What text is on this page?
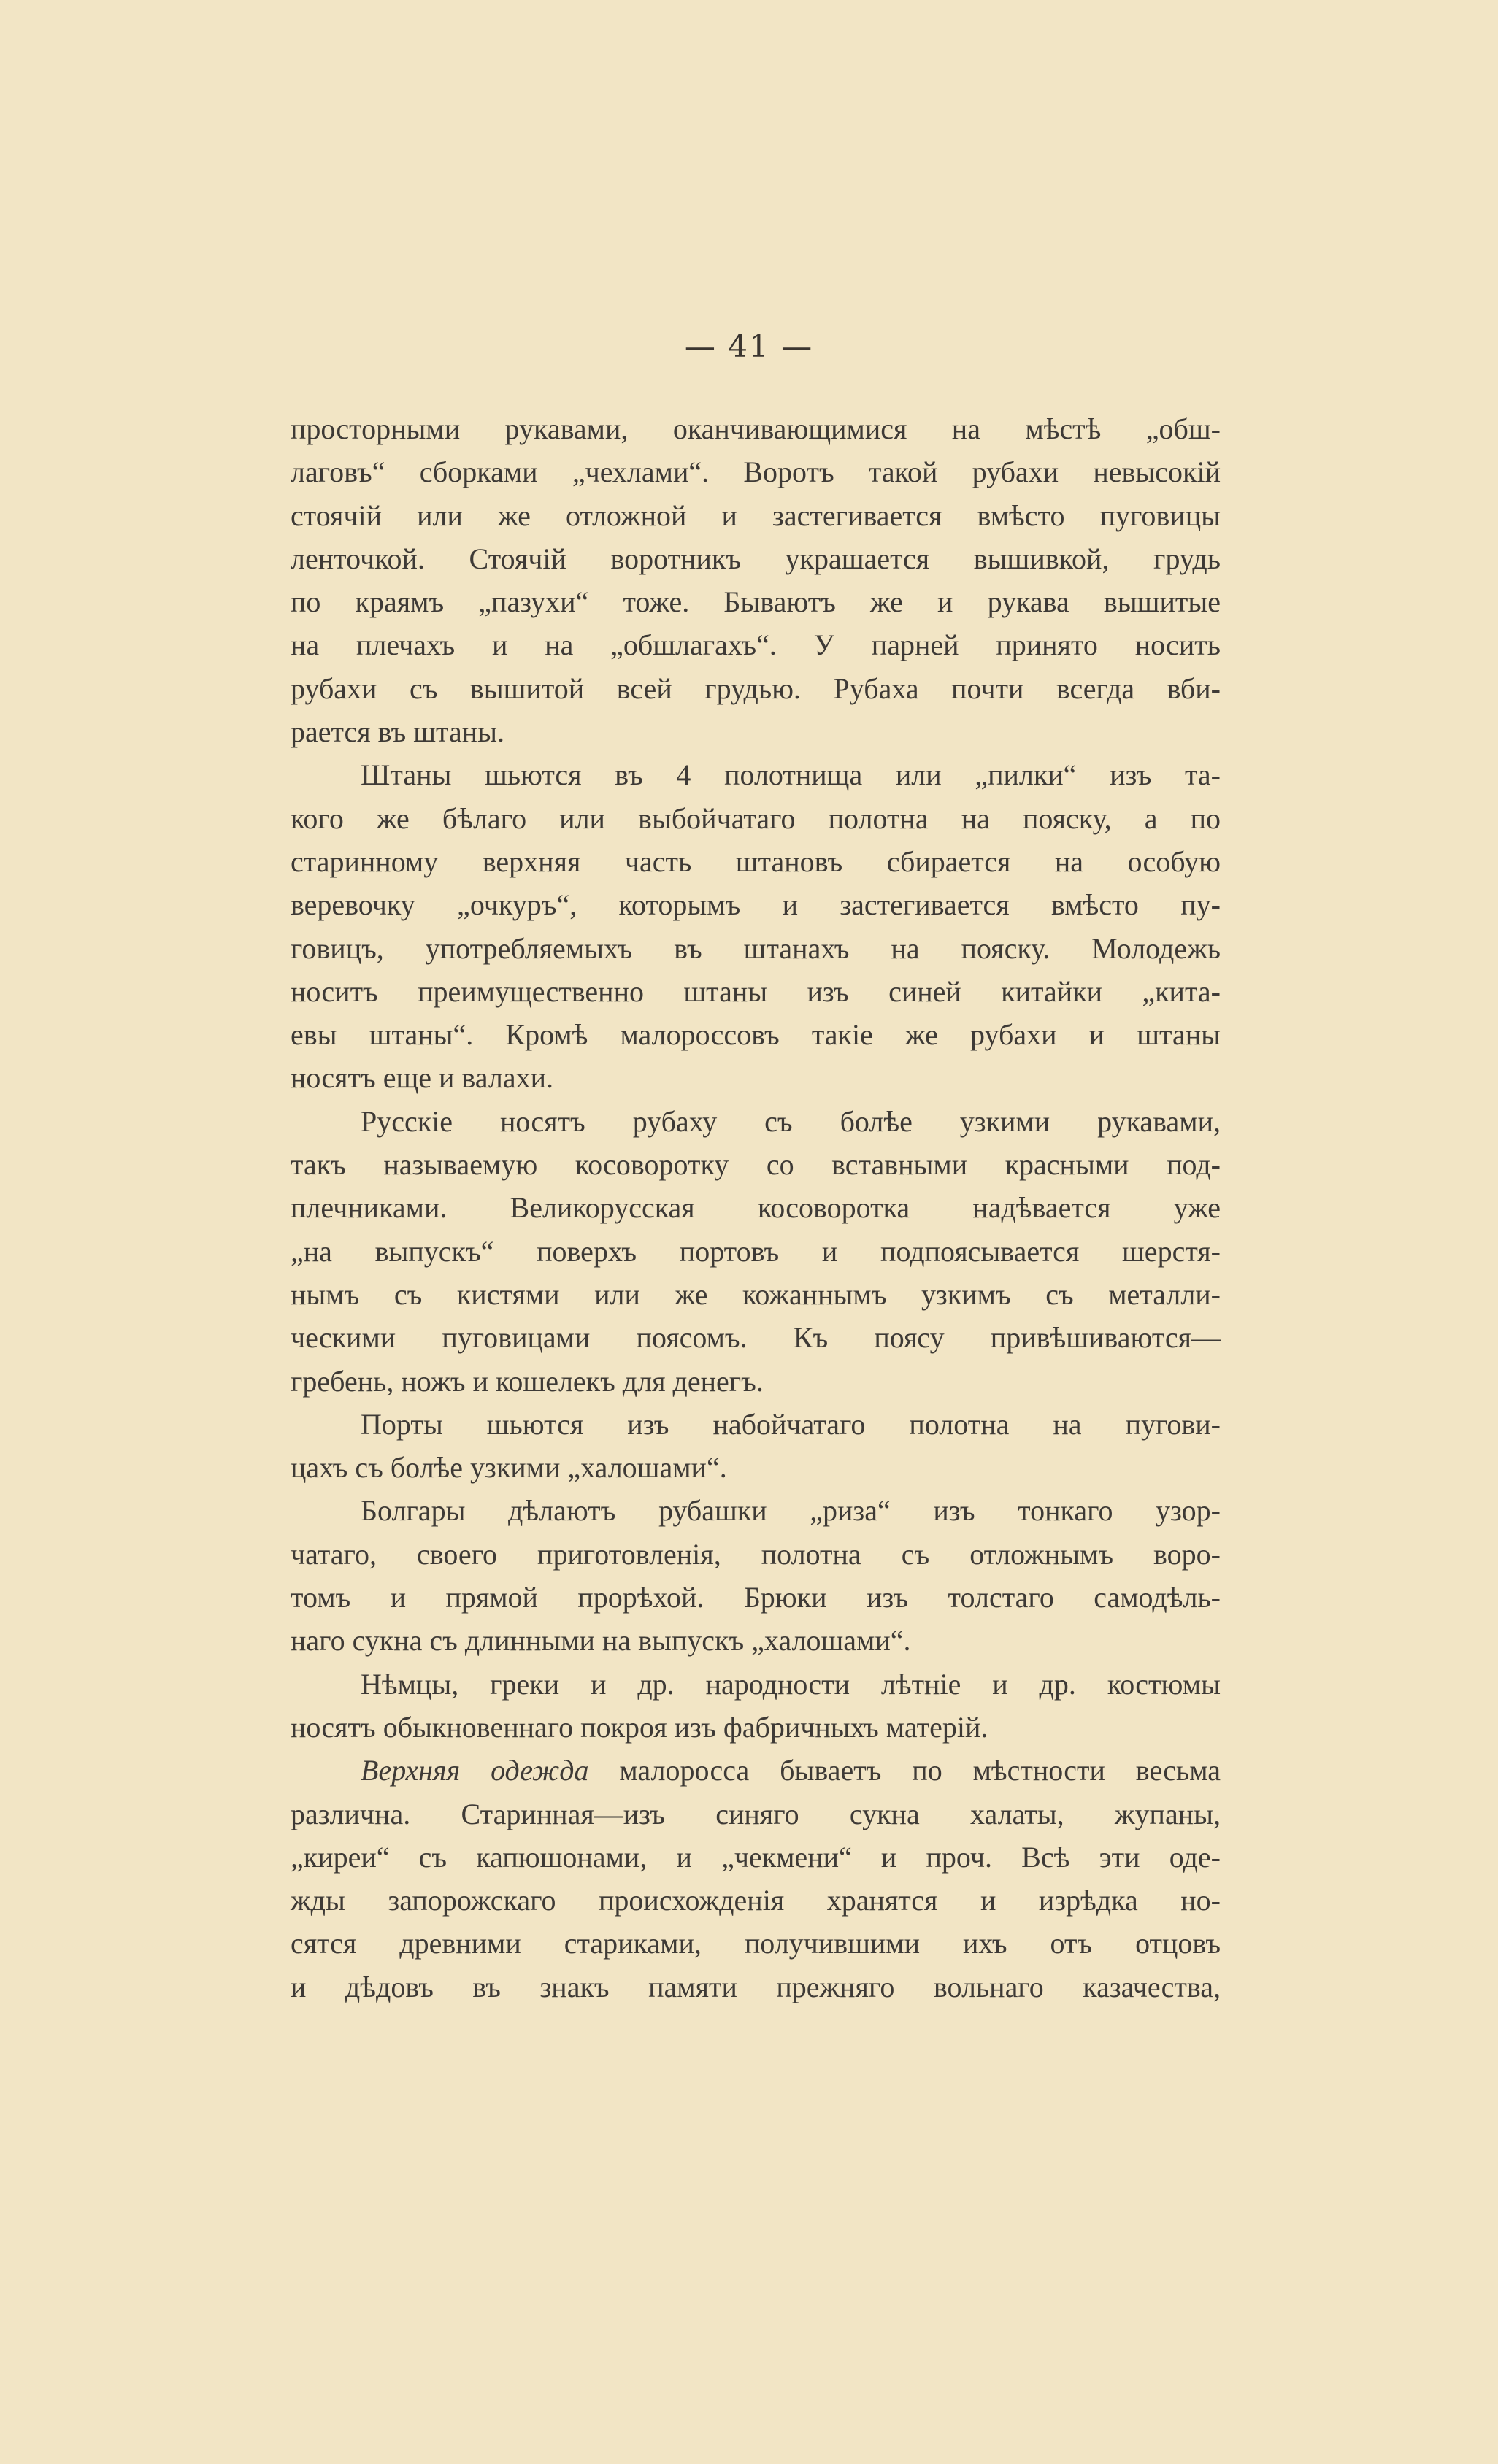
— 41 —
просторными рукавами, оканчивающимися на мѣстѣ „обш-
лаговъ“ сборками „чехлами“. Воротъ такой рубахи невысокій
стоячій или же отложной и застегивается вмѣсто пуговицы
ленточкой. Стоячій воротникъ украшается вышивкой, грудь
по краямъ „пазухи“ тоже. Бываютъ же и рукава вышитые
на плечахъ и на „обшлагахъ“. У парней принято носить
рубахи съ вышитой всей грудью. Рубаха почти всегда вби-
рается въ штаны.
Штаны шьются въ 4 полотнища или „пилки“ изъ та-
кого же бѣлаго или выбойчатаго полотна на пояску, а по
старинному верхняя часть штановъ сбирается на особую
веревочку „очкуръ“, которымъ и застегивается вмѣсто пу-
говицъ, употребляемыхъ въ штанахъ на пояску. Молодежь
носитъ преимущественно штаны изъ синей китайки „кита-
евы штаны“. Кромѣ малороссовъ такіе же рубахи и штаны
носятъ еще и валахи.
Русскіе носятъ рубаху съ болѣе узкими рукавами,
такъ называемую косоворотку со вставными красными под-
плечниками. Великорусская косоворотка надѣвается уже
„на выпускъ“ поверхъ портовъ и подпоясывается шерстя-
нымъ съ кистями или же кожаннымъ узкимъ съ металли-
ческими пуговицами поясомъ. Къ поясу привѣшиваются—
гребень, ножъ и кошелекъ для денегъ.
Порты шьются изъ набойчатаго полотна на пугови-
цахъ съ болѣе узкими „халошами“.
Болгары дѣлаютъ рубашки „риза“ изъ тонкаго узор-
чатаго, своего приготовленія, полотна съ отложнымъ воро-
томъ и прямой прорѣхой. Брюки изъ толстаго самодѣль-
наго сукна съ длинными на выпускъ „халошами“.
Нѣмцы, греки и др. народности лѣтніе и др. костюмы
носятъ обыкновеннаго покроя изъ фабричныхъ матерій.
Верхняя одежда малоросса бываетъ по мѣстности весьма
различна. Старинная—изъ синяго сукна халаты, жупаны,
„киреи“ съ капюшонами, и „чекмени“ и проч. Всѣ эти оде-
жды запорожскаго происхожденія хранятся и изрѣдка но-
сятся древними стариками, получившими ихъ отъ отцовъ
и дѣдовъ въ знакъ памяти прежняго вольнаго казачества,
